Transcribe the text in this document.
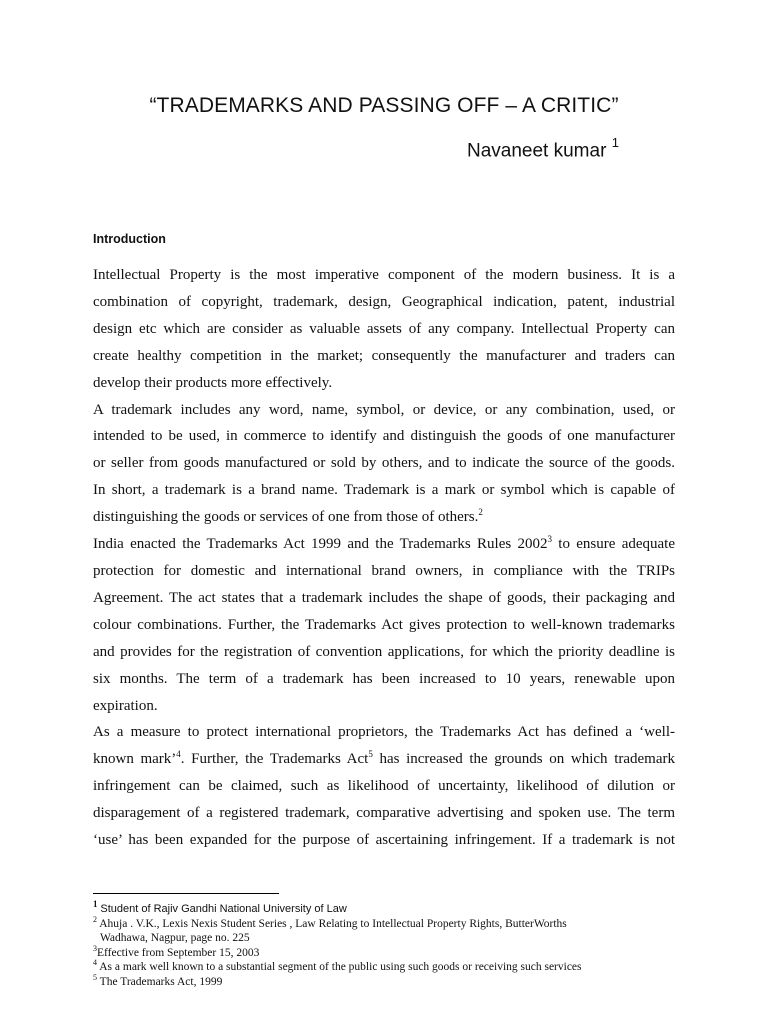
“TRADEMARKS AND PASSING OFF – A CRITIC”
Navaneet kumar $^1$
Introduction

Intellectual Property is the most imperative component of the modern business. It is a
combination of copyright, trademark, design, Geographical indication, patent, industrial
design etc which are consider as valuable assets of any company. Intellectual Property can
create healthy competition in the market; consequently the manufacturer and traders can
develop their products more effectively.

A trademark includes any word, name, symbol, or device, or any combination, used, or
intended to be used, in commerce to identify and distinguish the goods of one manufacturer
or seller from goods manufactured or sold by others, and to indicate the source of the goods.
In short, a trademark is a brand name. Trademark is a mark or symbol which is capable of
distinguishing the goods or services of one from those of others.$^2$

India enacted the Trademarks Act 1999 and the Trademarks Rules 2002$^3$ to ensure adequate
protection for domestic and international brand owners, in compliance with the TRIPs
Agreement. The act states that a trademark includes the shape of goods, their packaging and
colour combinations. Further, the Trademarks Act gives protection to well-known trademarks
and provides for the registration of convention applications, for which the priority deadline is
six months. The term of a trademark has been increased to 10 years, renewable upon
expiration.

As a measure to protect international proprietors, the Trademarks Act has defined a ‘well-
known mark’$^4$. Further, the Trademarks Act$^5$ has increased the grounds on which trademark
infringement can be claimed, such as likelihood of uncertainty, likelihood of dilution or
disparagement of a registered trademark, comparative advertising and spoken use. The term
‘use’ has been expanded for the purpose of ascertaining infringement. If a trademark is not

$^1$ Student of Rajiv Gandhi National University of Law
$^2$ Ahuja . V.K., Lexis Nexis Student Series , Law Relating to Intellectual Property Rights, ButterWorths
Wadhawa, Nagpur, page no. 225
$^3$Effective from September 15, 2003
$^4$ As a mark well known to a substantial segment of the public using such goods or receiving such services
$^5$ The Trademarks Act, 1999
